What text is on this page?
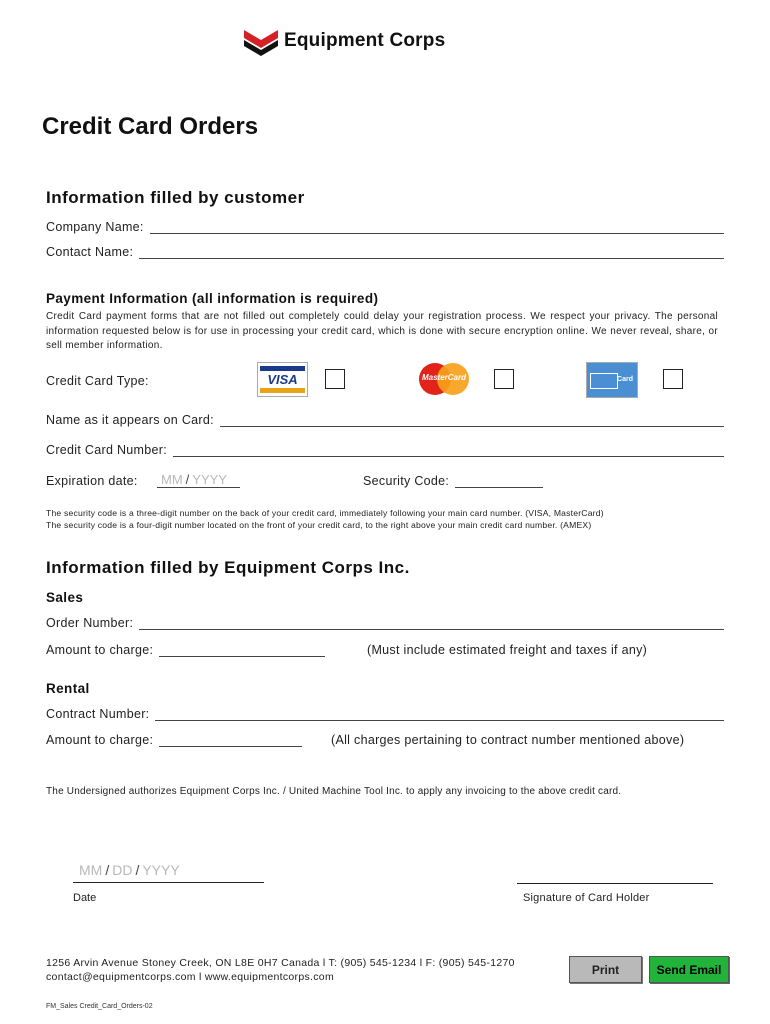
Equipment Corps
Credit Card Orders
Information filled by customer
Company Name:
Contact Name:
Payment Information (all information is required)
Credit Card payment forms that are not filled out completely could delay your registration process. We respect your privacy. The personal information requested below is for use in processing your credit card, which is done with secure encryption online. We never reveal, share, or sell member information.
Credit Card Type:	VISA	MasterCard	Card
Name as it appears on Card:
Credit Card Number:
Expiration date:	MM / YYYY	Security Code:
The security code is a three-digit number on the back of your credit card, immediately following your main card number. (VISA, MasterCard)
The security code is a four-digit number located on the front of your credit card, to the right above your main credit card number. (AMEX)
Information filled by Equipment Corps Inc.
Sales
Order Number:
Amount to charge:	(Must include estimated freight and taxes if any)
Rental
Contract Number:
Amount to charge:	(All charges pertaining to contract number mentioned above)
The Undersigned authorizes Equipment Corps Inc. / United Machine Tool Inc. to apply any invoicing to the above credit card.
MM / DD / YYYY
Date	Signature of Card Holder
1256 Arvin Avenue Stoney Creek, ON L8E 0H7 Canada l T: (905) 545-1234 l F: (905) 545-1270
contact@equipmentcorps.com l www.equipmentcorps.com
FM_Sales Credit_Card_Orders-02
Print	Send Email
